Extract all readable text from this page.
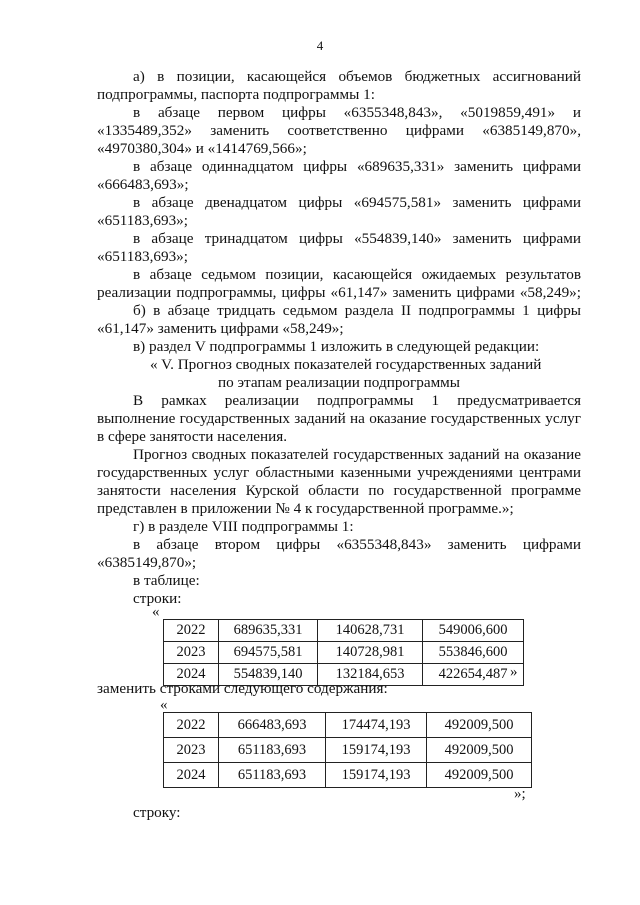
4
а) в позиции, касающейся объемов бюджетных ассигнований
подпрограммы, паспорта подпрограммы 1:
в абзаце первом цифры «6355348,843», «5019859,491» и
«1335489,352» заменить соответственно цифрами «6385149,870»,
«4970380,304» и «1414769,566»;
в абзаце одиннадцатом цифры «689635,331» заменить цифрами
«666483,693»;
в абзаце двенадцатом цифры «694575,581» заменить цифрами
«651183,693»;
в абзаце тринадцатом цифры «554839,140» заменить цифрами
«651183,693»;
в абзаце седьмом позиции, касающейся ожидаемых результатов
реализации подпрограммы, цифры «61,147» заменить цифрами «58,249»;
б) в абзаце тридцать седьмом раздела II подпрограммы 1 цифры
«61,147» заменить цифрами «58,249»;
в) раздел V подпрограммы 1 изложить в следующей редакции:
« V. Прогноз сводных показателей государственных заданий
по этапам реализации подпрограммы
В рамках реализации подпрограммы 1 предусматривается
выполнение государственных заданий на оказание государственных услуг
в сфере занятости населения.
Прогноз сводных показателей государственных заданий на оказание
государственных услуг областными казенными учреждениями центрами
занятости населения Курской области по государственной программе
представлен в приложении № 4 к государственной программе.»;
г) в разделе VIII подпрограммы 1:
в абзаце втором цифры «6355348,843» заменить цифрами
«6385149,870»;
в таблице:
строки:
«
2022	689635,331	140628,731	549006,600
2023	694575,581	140728,981	553846,600
2024	554839,140	132184,653	422654,487 »
заменить строками следующего содержания:
«
2022	666483,693	174474,193	492009,500
2023	651183,693	159174,193	492009,500
2024	651183,693	159174,193	492009,500
»;
строку:
